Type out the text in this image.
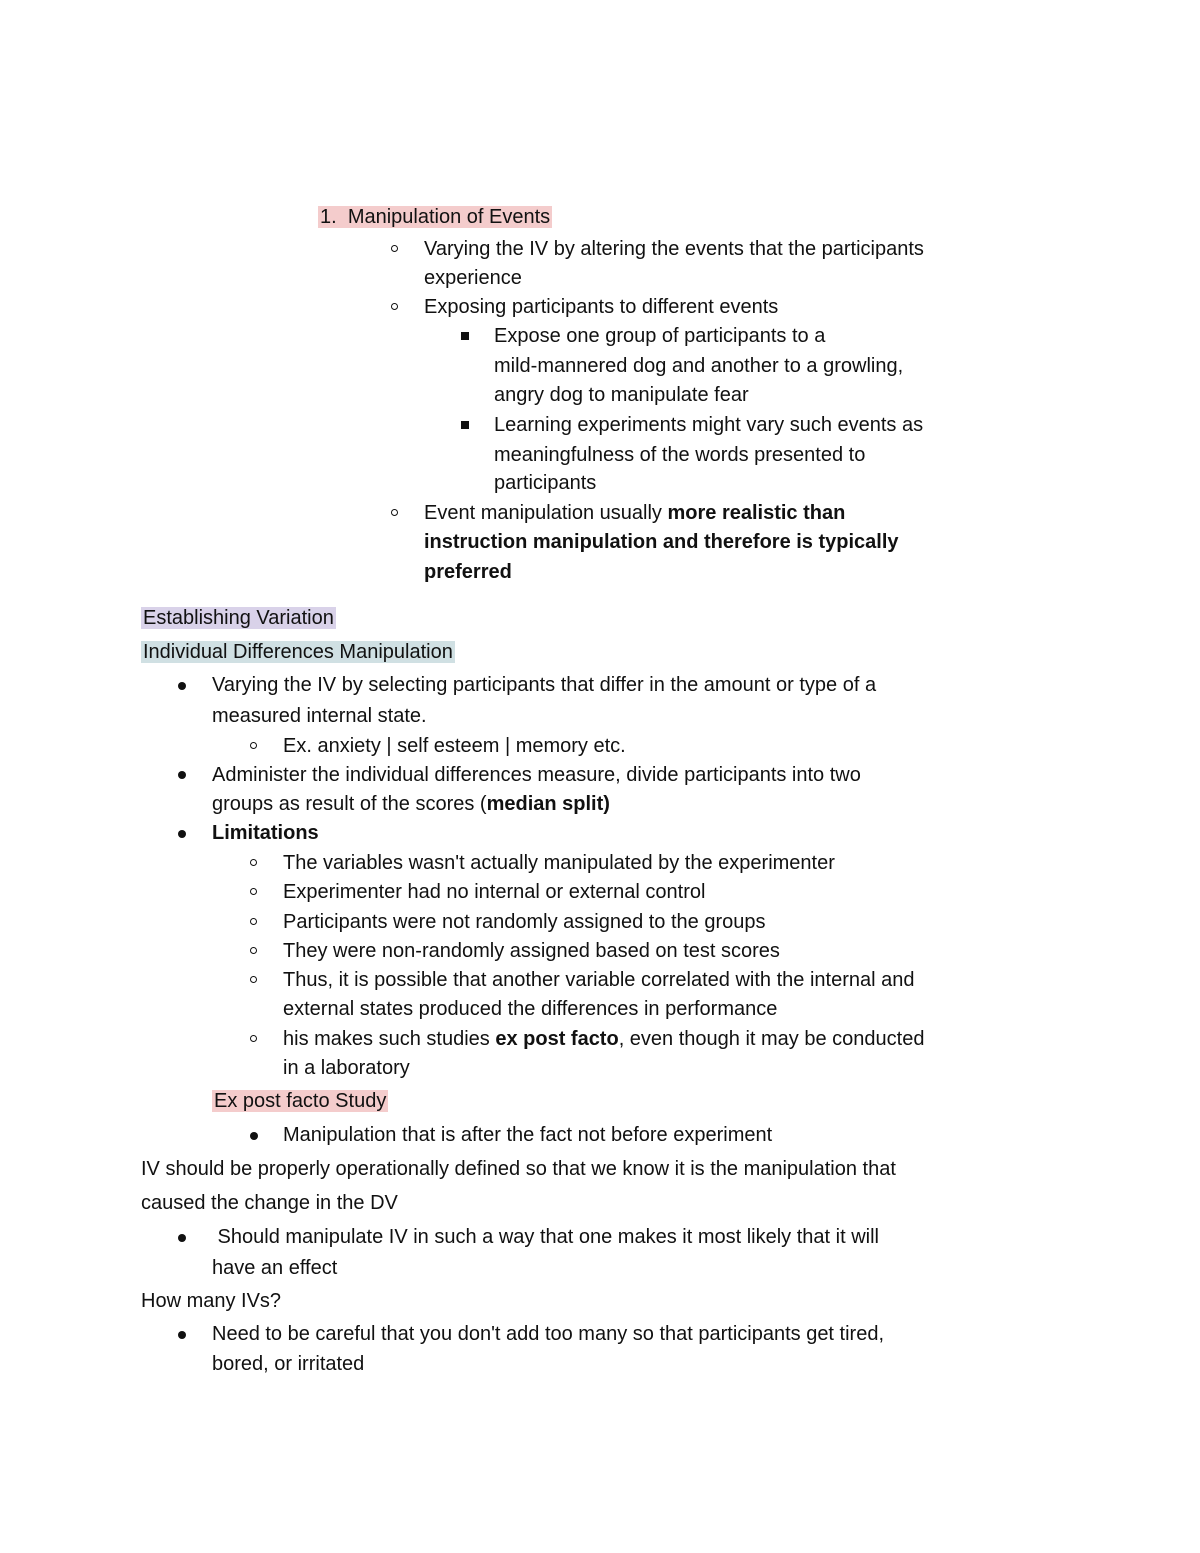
1. Manipulation of Events
Varying the IV by altering the events that the participants
experience
Exposing participants to different events
Expose one group of participants to a
mild-mannered dog and another to a growling,
angry dog to manipulate fear
Learning experiments might vary such events as
meaningfulness of the words presented to
participants
Event manipulation usually more realistic than
instruction manipulation and therefore is typically
preferred
Establishing Variation
Individual Differences Manipulation
Varying the IV by selecting participants that differ in the amount or type of a
measured internal state.
Ex. anxiety | self esteem | memory etc.
Administer the individual differences measure, divide participants into two
groups as result of the scores (median split)
Limitations
The variables wasn't actually manipulated by the experimenter
Experimenter had no internal or external control
Participants were not randomly assigned to the groups
They were non-randomly assigned based on test scores
Thus, it is possible that another variable correlated with the internal and
external states produced the differences in performance
his makes such studies ex post facto, even though it may be conducted
in a laboratory
Ex post facto Study
Manipulation that is after the fact not before experiment
IV should be properly operationally defined so that we know it is the manipulation that
caused the change in the DV
Should manipulate IV in such a way that one makes it most likely that it will
have an effect
How many IVs?
Need to be careful that you don't add too many so that participants get tired,
bored, or irritated
